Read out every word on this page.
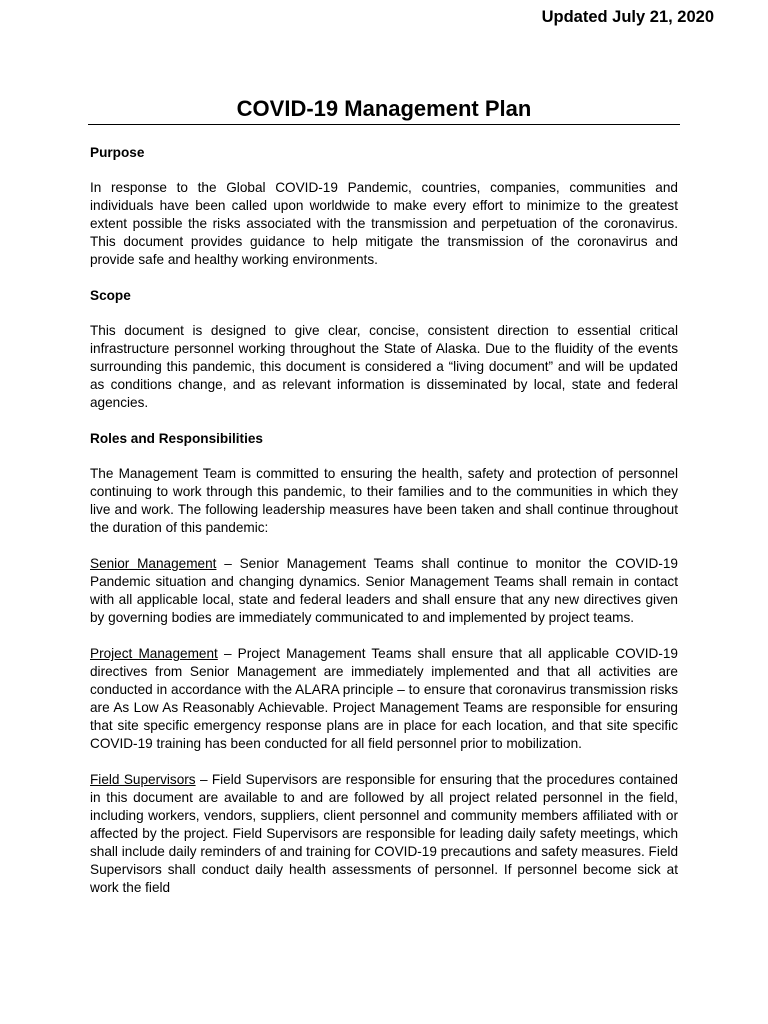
Updated July 21, 2020
COVID-19 Management Plan
Purpose

In response to the Global COVID-19 Pandemic, countries, companies, communities and individuals have been called upon worldwide to make every effort to minimize to the greatest extent possible the risks associated with the transmission and perpetuation of the coronavirus. This document provides guidance to help mitigate the transmission of the coronavirus and provide safe and healthy working environments.

Scope

This document is designed to give clear, concise, consistent direction to essential critical infrastructure personnel working throughout the State of Alaska. Due to the fluidity of the events surrounding this pandemic, this document is considered a “living document” and will be updated as conditions change, and as relevant information is disseminated by local, state and federal agencies.

Roles and Responsibilities

The Management Team is committed to ensuring the health, safety and protection of personnel continuing to work through this pandemic, to their families and to the communities in which they live and work. The following leadership measures have been taken and shall continue throughout the duration of this pandemic:

Senior Management – Senior Management Teams shall continue to monitor the COVID-19 Pandemic situation and changing dynamics. Senior Management Teams shall remain in contact with all applicable local, state and federal leaders and shall ensure that any new directives given by governing bodies are immediately communicated to and implemented by project teams.

Project Management – Project Management Teams shall ensure that all applicable COVID-19 directives from Senior Management are immediately implemented and that all activities are conducted in accordance with the ALARA principle – to ensure that coronavirus transmission risks are As Low As Reasonably Achievable. Project Management Teams are responsible for ensuring that site specific emergency response plans are in place for each location, and that site specific COVID-19 training has been conducted for all field personnel prior to mobilization.

Field Supervisors – Field Supervisors are responsible for ensuring that the procedures contained in this document are available to and are followed by all project related personnel in the field, including workers, vendors, suppliers, client personnel and community members affiliated with or affected by the project. Field Supervisors are responsible for leading daily safety meetings, which shall include daily reminders of and training for COVID-19 precautions and safety measures. Field Supervisors shall conduct daily health assessments of personnel. If personnel become sick at work the field
